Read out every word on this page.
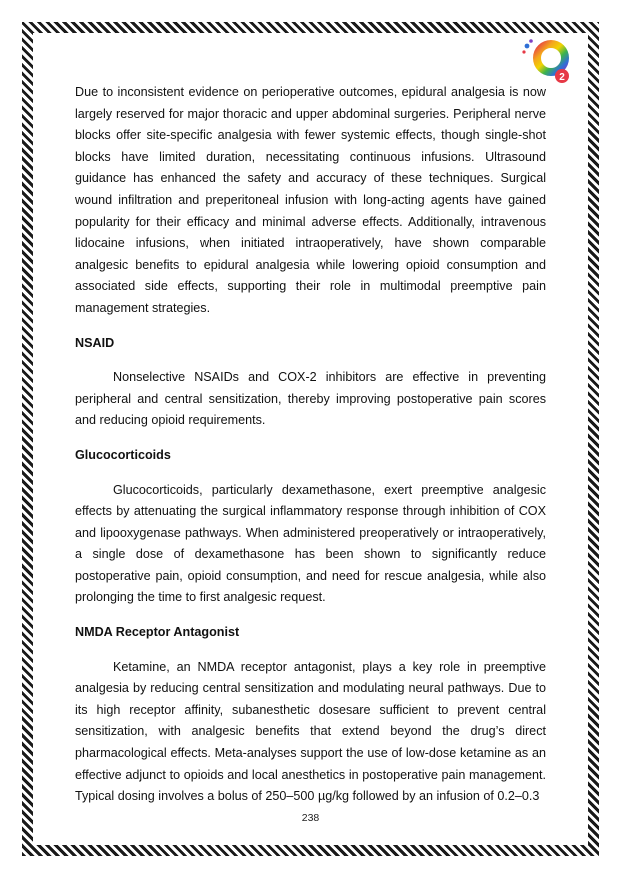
2

Due to inconsistent evidence on perioperative outcomes, epidural analgesia is now largely reserved for major thoracic and upper abdominal surgeries. Peripheral nerve blocks offer site-specific analgesia with fewer systemic effects, though single-shot blocks have limited duration, necessitating continuous infusions. Ultrasound guidance has enhanced the safety and accuracy of these techniques. Surgical wound infiltration and preperitoneal infusion with long-acting agents have gained popularity for their efficacy and minimal adverse effects. Additionally, intravenous lidocaine infusions, when initiated intraoperatively, have shown comparable analgesic benefits to epidural analgesia while lowering opioid consumption and associated side effects, supporting their role in multimodal preemptive pain management strategies.

NSAID

Nonselective NSAIDs and COX-2 inhibitors are effective in preventing peripheral and central sensitization, thereby improving postoperative pain scores and reducing opioid requirements.

Glucocorticoids

Glucocorticoids, particularly dexamethasone, exert preemptive analgesic effects by attenuating the surgical inflammatory response through inhibition of COX and lipooxygenase pathways. When administered preoperatively or intraoperatively, a single dose of dexamethasone has been shown to significantly reduce postoperative pain, opioid consumption, and need for rescue analgesia, while also prolonging the time to first analgesic request.

NMDA Receptor Antagonist

Ketamine, an NMDA receptor antagonist, plays a key role in preemptive analgesia by reducing central sensitization and modulating neural pathways. Due to its high receptor affinity, subanesthetic dosesare sufficient to prevent central sensitization, with analgesic benefits that extend beyond the drug’s direct pharmacological effects. Meta-analyses support the use of low-dose ketamine as an effective adjunct to opioids and local anesthetics in postoperative pain management. Typical dosing involves a bolus of 250–500 µg/kg followed by an infusion of 0.2–0.3

238
